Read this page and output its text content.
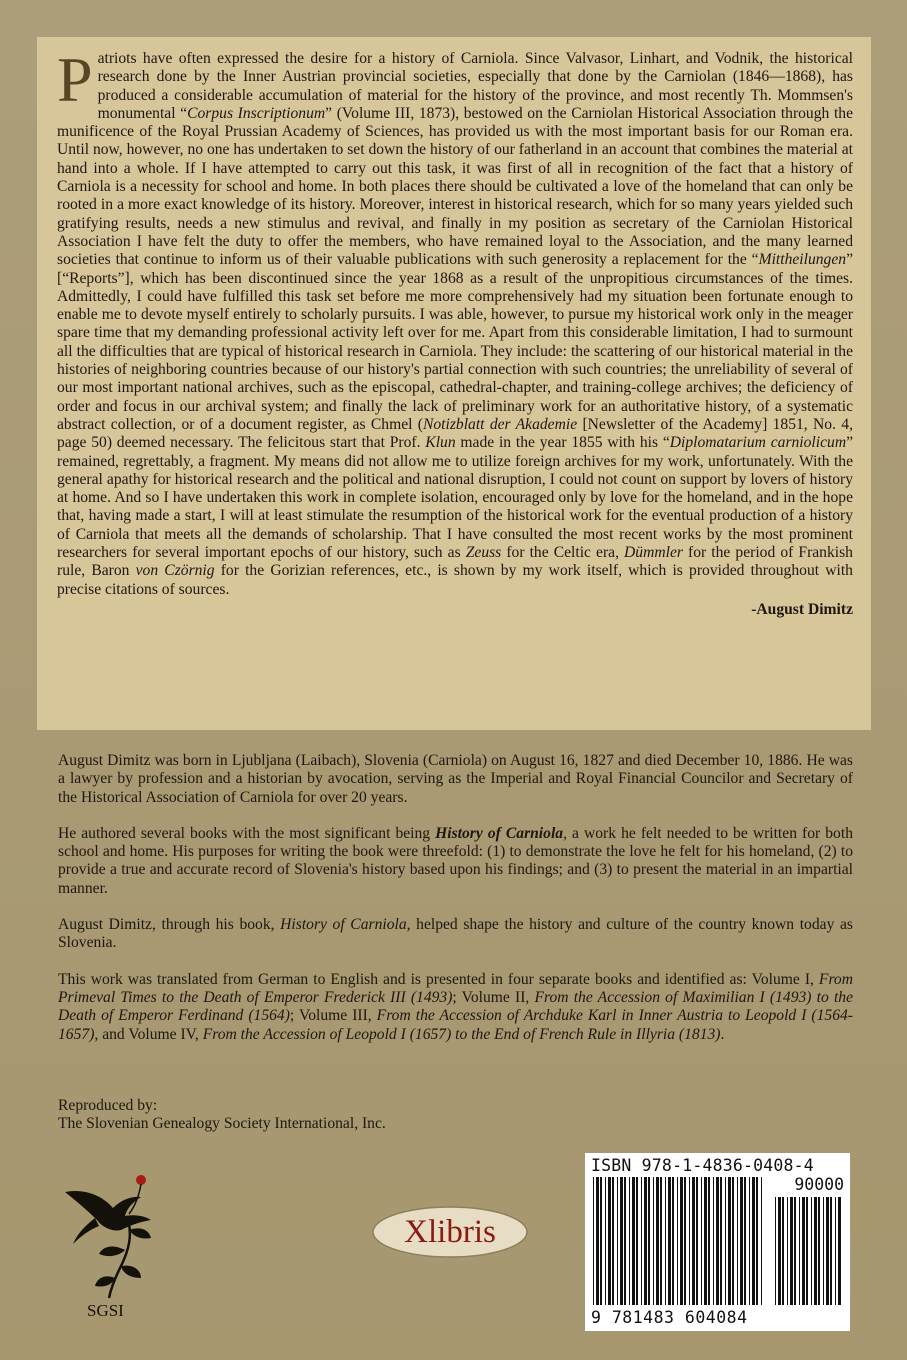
Patriots have often expressed the desire for a history of Carniola. Since Valvasor, Linhart, and Vodnik, the historical research done by the Inner Austrian provincial societies, especially that done by the Carniolan (1846—1868), has produced a considerable accumulation of material for the history of the province, and most recently Th. Mommsen's monumental “Corpus Inscriptionum” (Volume III, 1873), bestowed on the Carniolan Historical Association through the munificence of the Royal Prussian Academy of Sciences, has provided us with the most important basis for our Roman era. Until now, however, no one has undertaken to set down the history of our fatherland in an account that combines the material at hand into a whole. If I have attempted to carry out this task, it was first of all in recognition of the fact that a history of Carniola is a necessity for school and home. In both places there should be cultivated a love of the homeland that can only be rooted in a more exact knowledge of its history. Moreover, interest in historical research, which for so many years yielded such gratifying results, needs a new stimulus and revival, and finally in my position as secretary of the Carniolan Historical Association I have felt the duty to offer the members, who have remained loyal to the Association, and the many learned societies that continue to inform us of their valuable publications with such generosity a replacement for the “Mittheilungen” [“Reports”], which has been discontinued since the year 1868 as a result of the unpropitious circumstances of the times. Admittedly, I could have fulfilled this task set before me more comprehensively had my situation been fortunate enough to enable me to devote myself entirely to scholarly pursuits. I was able, however, to pursue my historical work only in the meager spare time that my demanding professional activity left over for me. Apart from this considerable limitation, I had to surmount all the difficulties that are typical of historical research in Carniola. They include: the scattering of our historical material in the histories of neighboring countries because of our history's partial connection with such countries; the unreliability of several of our most important national archives, such as the episcopal, cathedral-chapter, and training-college archives; the deficiency of order and focus in our archival system; and finally the lack of preliminary work for an authoritative history, of a systematic abstract collection, or of a document register, as Chmel (Notizblatt der Akademie [Newsletter of the Academy] 1851, No. 4, page 50) deemed necessary. The felicitous start that Prof. Klun made in the year 1855 with his “Diplomatarium carniolicum” remained, regrettably, a fragment. My means did not allow me to utilize foreign archives for my work, unfortunately. With the general apathy for historical research and the political and national disruption, I could not count on support by lovers of history at home. And so I have undertaken this work in complete isolation, encouraged only by love for the homeland, and in the hope that, having made a start, I will at least stimulate the resumption of the historical work for the eventual production of a history of Carniola that meets all the demands of scholarship. That I have consulted the most recent works by the most prominent researchers for several important epochs of our history, such as Zeuss for the Celtic era, Dümmler for the period of Frankish rule, Baron von Czörnig for the Gorizian references, etc., is shown by my work itself, which is provided throughout with precise citations of sources.

-August Dimitz

August Dimitz was born in Ljubljana (Laibach), Slovenia (Carniola) on August 16, 1827 and died December 10, 1886. He was a lawyer by profession and a historian by avocation, serving as the Imperial and Royal Financial Councilor and Secretary of the Historical Association of Carniola for over 20 years.

He authored several books with the most significant being History of Carniola, a work he felt needed to be written for both school and home. His purposes for writing the book were threefold: (1) to demonstrate the love he felt for his homeland, (2) to provide a true and accurate record of Slovenia's history based upon his findings; and (3) to present the material in an impartial manner.

August Dimitz, through his book, History of Carniola, helped shape the history and culture of the country known today as Slovenia.

This work was translated from German to English and is presented in four separate books and identified as: Volume I, From Primeval Times to the Death of Emperor Frederick III (1493); Volume II, From the Accession of Maximilian I (1493) to the Death of Emperor Ferdinand (1564); Volume III, From the Accession of Archduke Karl in Inner Austria to Leopold I (1564-1657), and Volume IV, From the Accession of Leopold I (1657) to the End of French Rule in Illyria (1813).

Reproduced by:
The Slovenian Genealogy Society International, Inc.
SGSI
Xlibris
ISBN 978-1-4836-0408-4
90000
9 781483 604084
